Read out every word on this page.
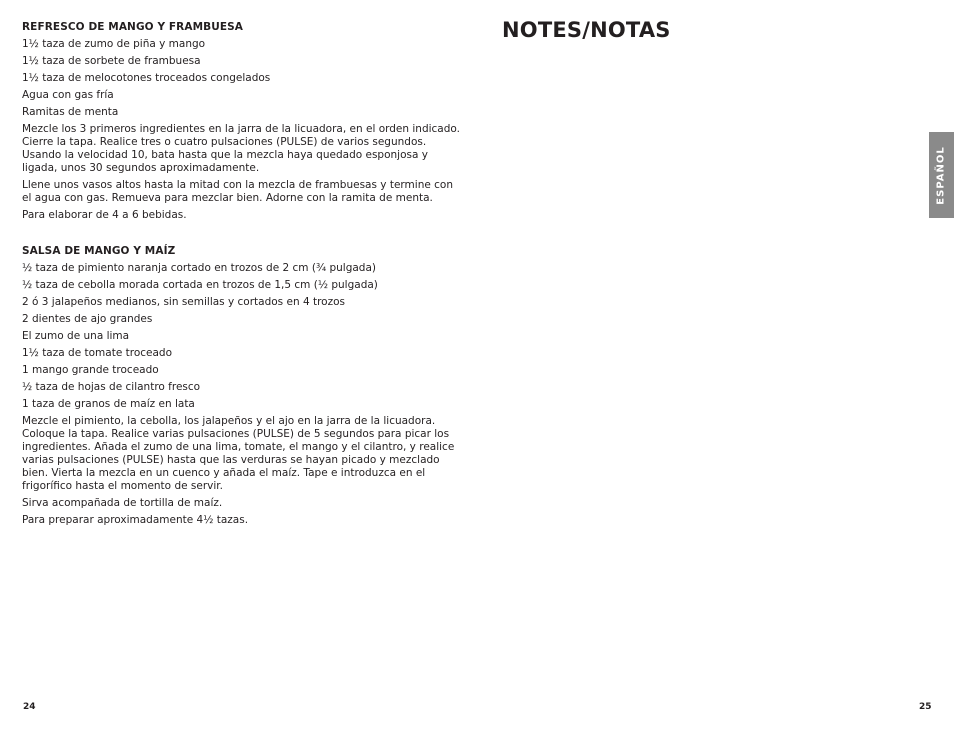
REFRESCO DE MANGO Y FRAMBUESA

1½ taza de zumo de piña y mango

1½ taza de sorbete de frambuesa

1½ taza de melocotones troceados congelados

Agua con gas fría

Ramitas de menta

Mezcle los 3 primeros ingredientes en la jarra de la licuadora, en el orden indicado. Cierre la tapa. Realice tres o cuatro pulsaciones (PULSE) de varios segundos. Usando la velocidad 10, bata hasta que la mezcla haya quedado esponjosa y ligada, unos 30 segundos aproximadamente.

Llene unos vasos altos hasta la mitad con la mezcla de frambuesas y termine con el agua con gas. Remueva para mezclar bien. Adorne con la ramita de menta.

Para elaborar de 4 a 6 bebidas.

SALSA DE MANGO Y MAÍZ

½ taza de pimiento naranja cortado en trozos de 2 cm (¾ pulgada)

½ taza de cebolla morada cortada en trozos de 1,5 cm (½ pulgada)

2 ó 3 jalapeños medianos, sin semillas y cortados en 4 trozos

2 dientes de ajo grandes

El zumo de una lima

1½ taza de tomate troceado

1 mango grande troceado

½ taza de hojas de cilantro fresco

1 taza de granos de maíz en lata

Mezcle el pimiento, la cebolla, los jalapeños y el ajo en la jarra de la licuadora. Coloque la tapa. Realice varias pulsaciones (PULSE) de 5 segundos para picar los ingredientes. Añada el zumo de una lima, tomate, el mango y el cilantro, y realice varias pulsaciones (PULSE) hasta que las verduras se hayan picado y mezclado bien. Vierta la mezcla en un cuenco y añada el maíz. Tape e introduzca en el frigorífico hasta el momento de servir.

Sirva acompañada de tortilla de maíz.

Para preparar aproximadamente 4½ tazas.

NOTES/NOTAS
ESPAÑOL
24	25
